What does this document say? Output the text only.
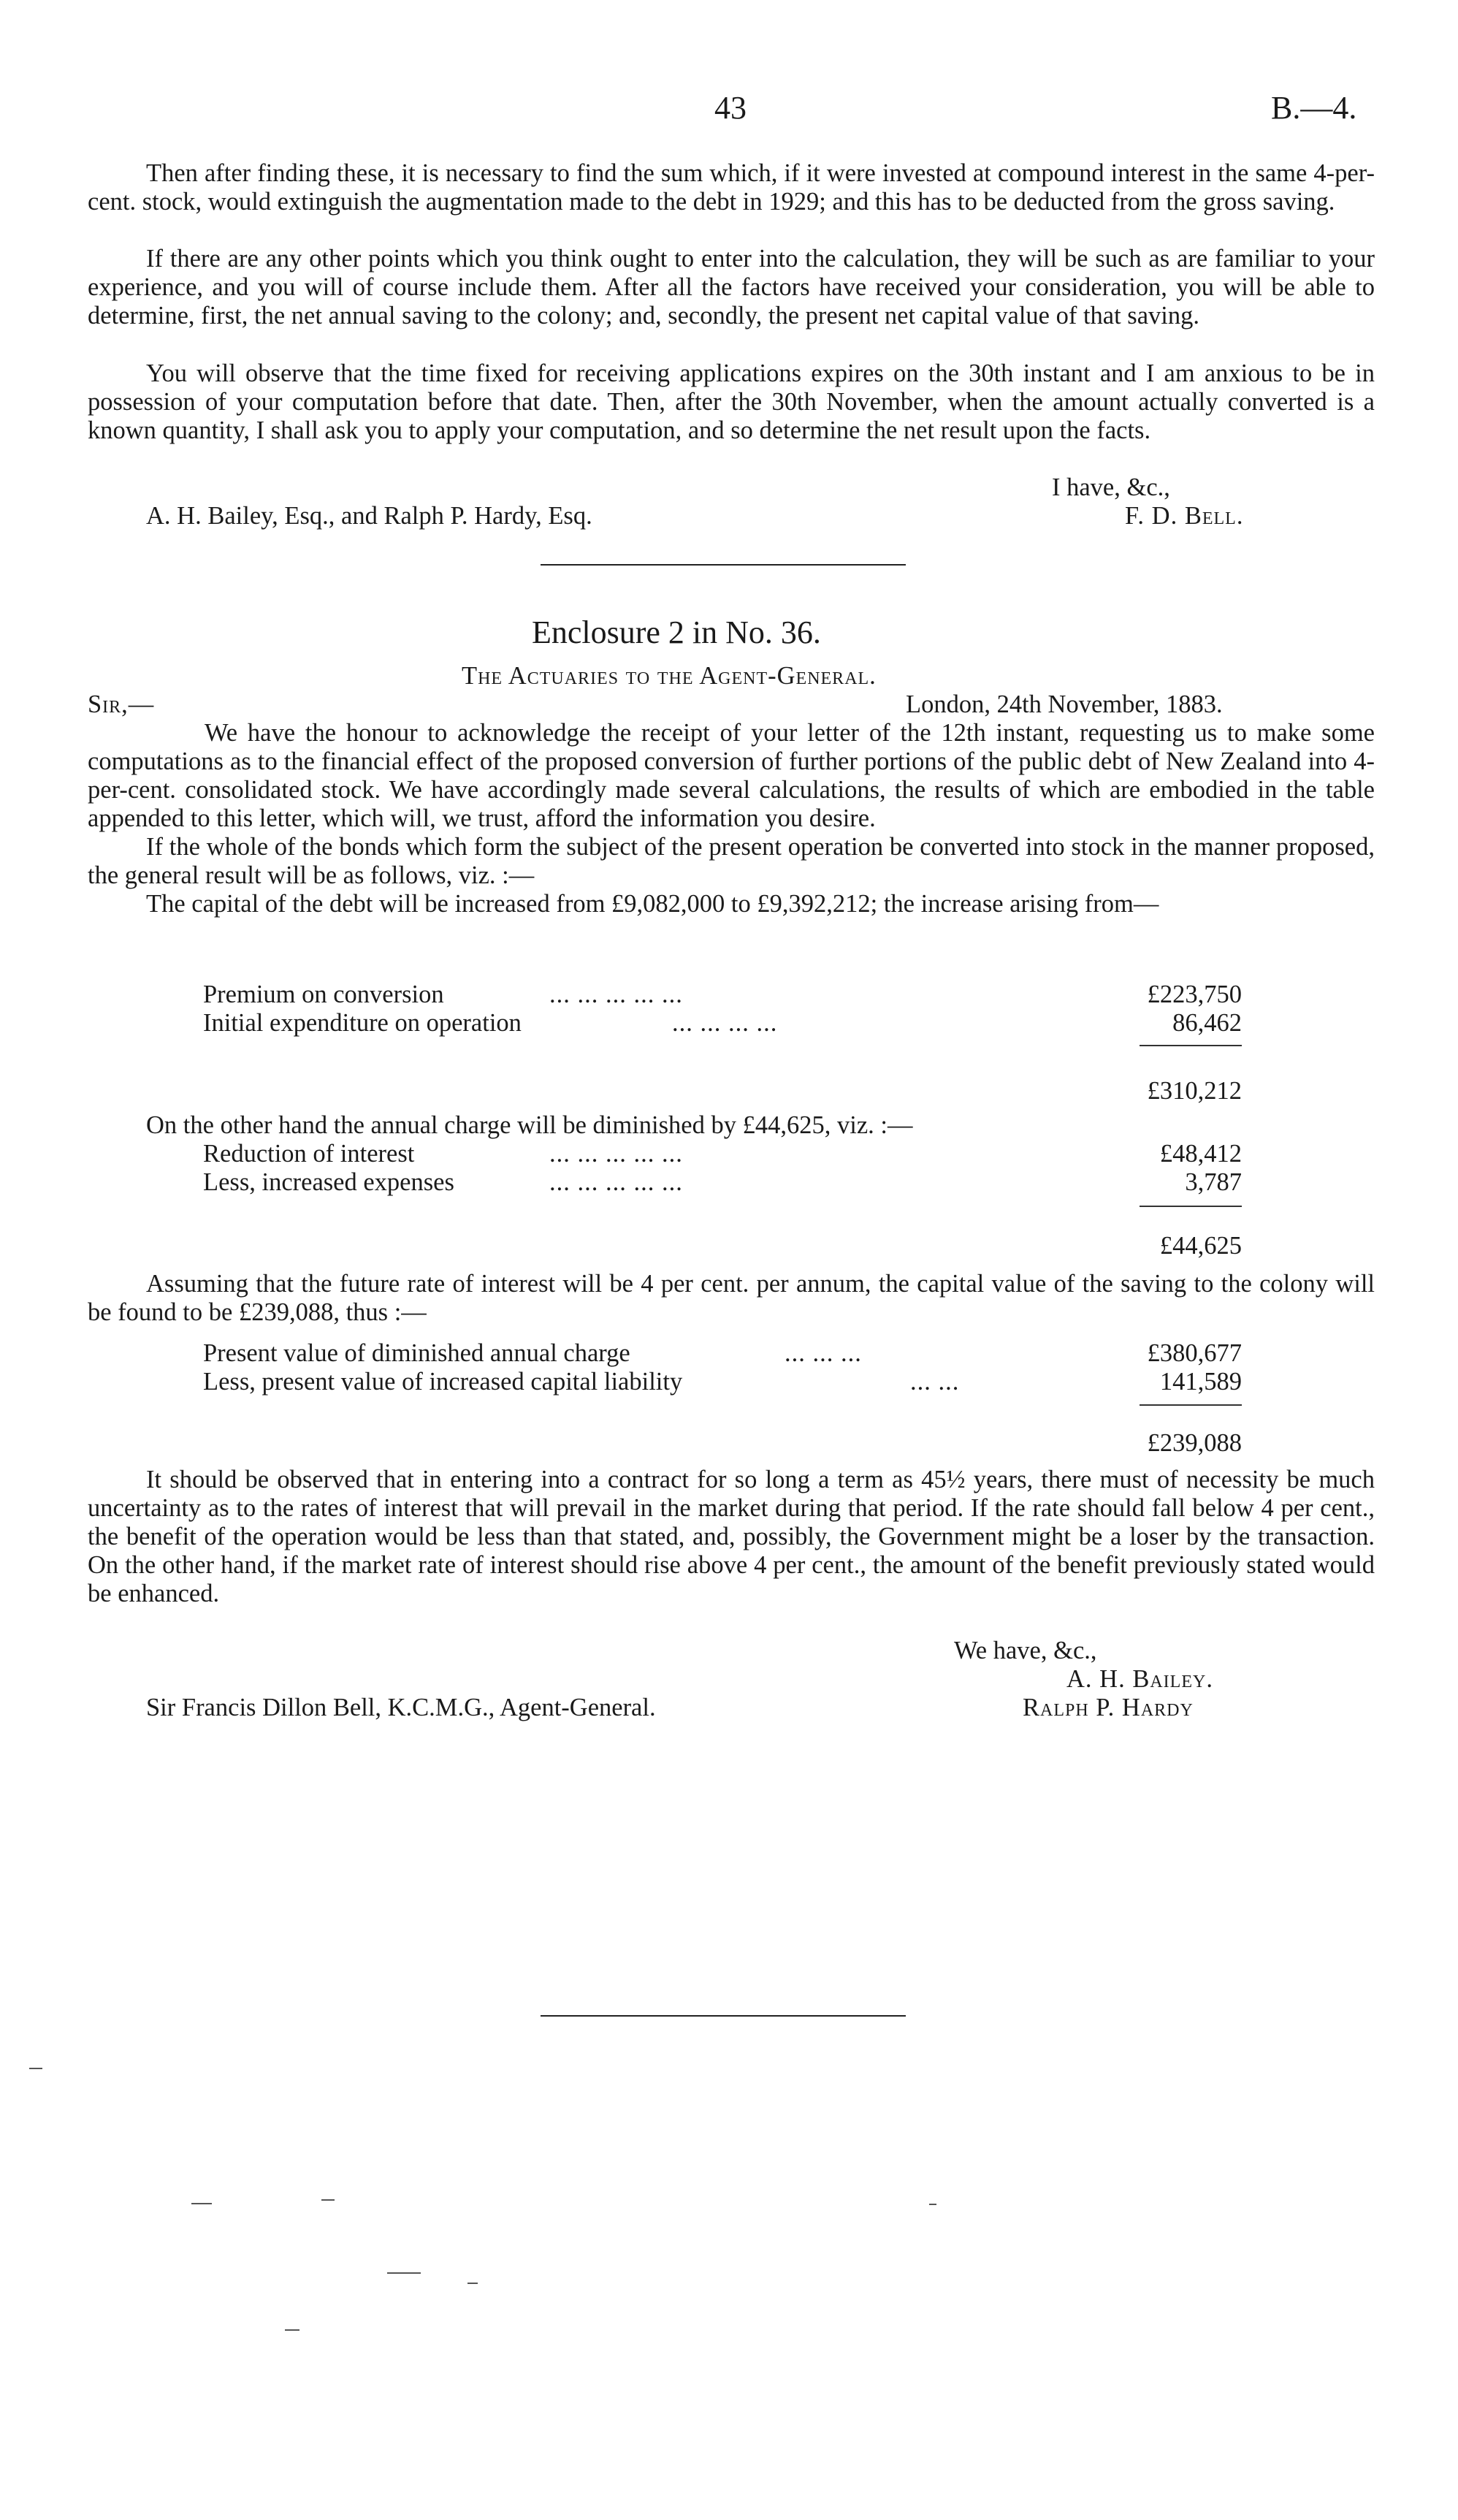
43	B.—4.

Then after finding these, it is necessary to find the sum which, if it were invested at compound interest in the same 4-per-cent. stock, would extinguish the augmentation made to the debt in 1929; and this has to be deducted from the gross saving.

If there are any other points which you think ought to enter into the calculation, they will be such as are familiar to your experience, and you will of course include them. After all the factors have received your consideration, you will be able to determine, first, the net annual saving to the colony; and, secondly, the present net capital value of that saving.

You will observe that the time fixed for receiving applications expires on the 30th instant and I am anxious to be in possession of your computation before that date. Then, after the 30th November, when the amount actually converted is a known quantity, I shall ask you to apply your computation, and so determine the net result upon the facts.

I have, &c.,
A. H. Bailey, Esq., and Ralph P. Hardy, Esq.	F. D. Bell.
Enclosure 2 in No. 36.
The Actuaries to the Agent-General.
Sir,—	London, 24th November, 1883.

We have the honour to acknowledge the receipt of your letter of the 12th instant, requesting us to make some computations as to the financial effect of the proposed conversion of further portions of the public debt of New Zealand into 4-per-cent. consolidated stock. We have accordingly made several calculations, the results of which are embodied in the table appended to this letter, which will, we trust, afford the information you desire.

If the whole of the bonds which form the subject of the present operation be converted into stock in the manner proposed, the general result will be as follows, viz. :—

The capital of the debt will be increased from £9,082,000 to £9,392,212; the increase arising from—

Premium on conversion	... ... ... ... ...	£223,750
Initial expenditure on operation	... ... ... ...	86,462
£310,212

On the other hand the annual charge will be diminished by £44,625, viz. :—

Reduction of interest	... ... ... ... ...	£48,412
Less, increased expenses	... ... ... ... ...	3,787
£44,625

Assuming that the future rate of interest will be 4 per cent. per annum, the capital value of the saving to the colony will be found to be £239,088, thus :—

Present value of diminished annual charge	... ... ...	£380,677
Less, present value of increased capital liability	... ...	141,589
£239,088

It should be observed that in entering into a contract for so long a term as 45½ years, there must of necessity be much uncertainty as to the rates of interest that will prevail in the market during that period. If the rate should fall below 4 per cent., the benefit of the operation would be less than that stated, and, possibly, the Government might be a loser by the transaction. On the other hand, if the market rate of interest should rise above 4 per cent., the amount of the benefit previously stated would be enhanced.

We have, &c.,
A. H. Bailey.
Sir Francis Dillon Bell, K.C.M.G., Agent-General.	Ralph P. Hardy
